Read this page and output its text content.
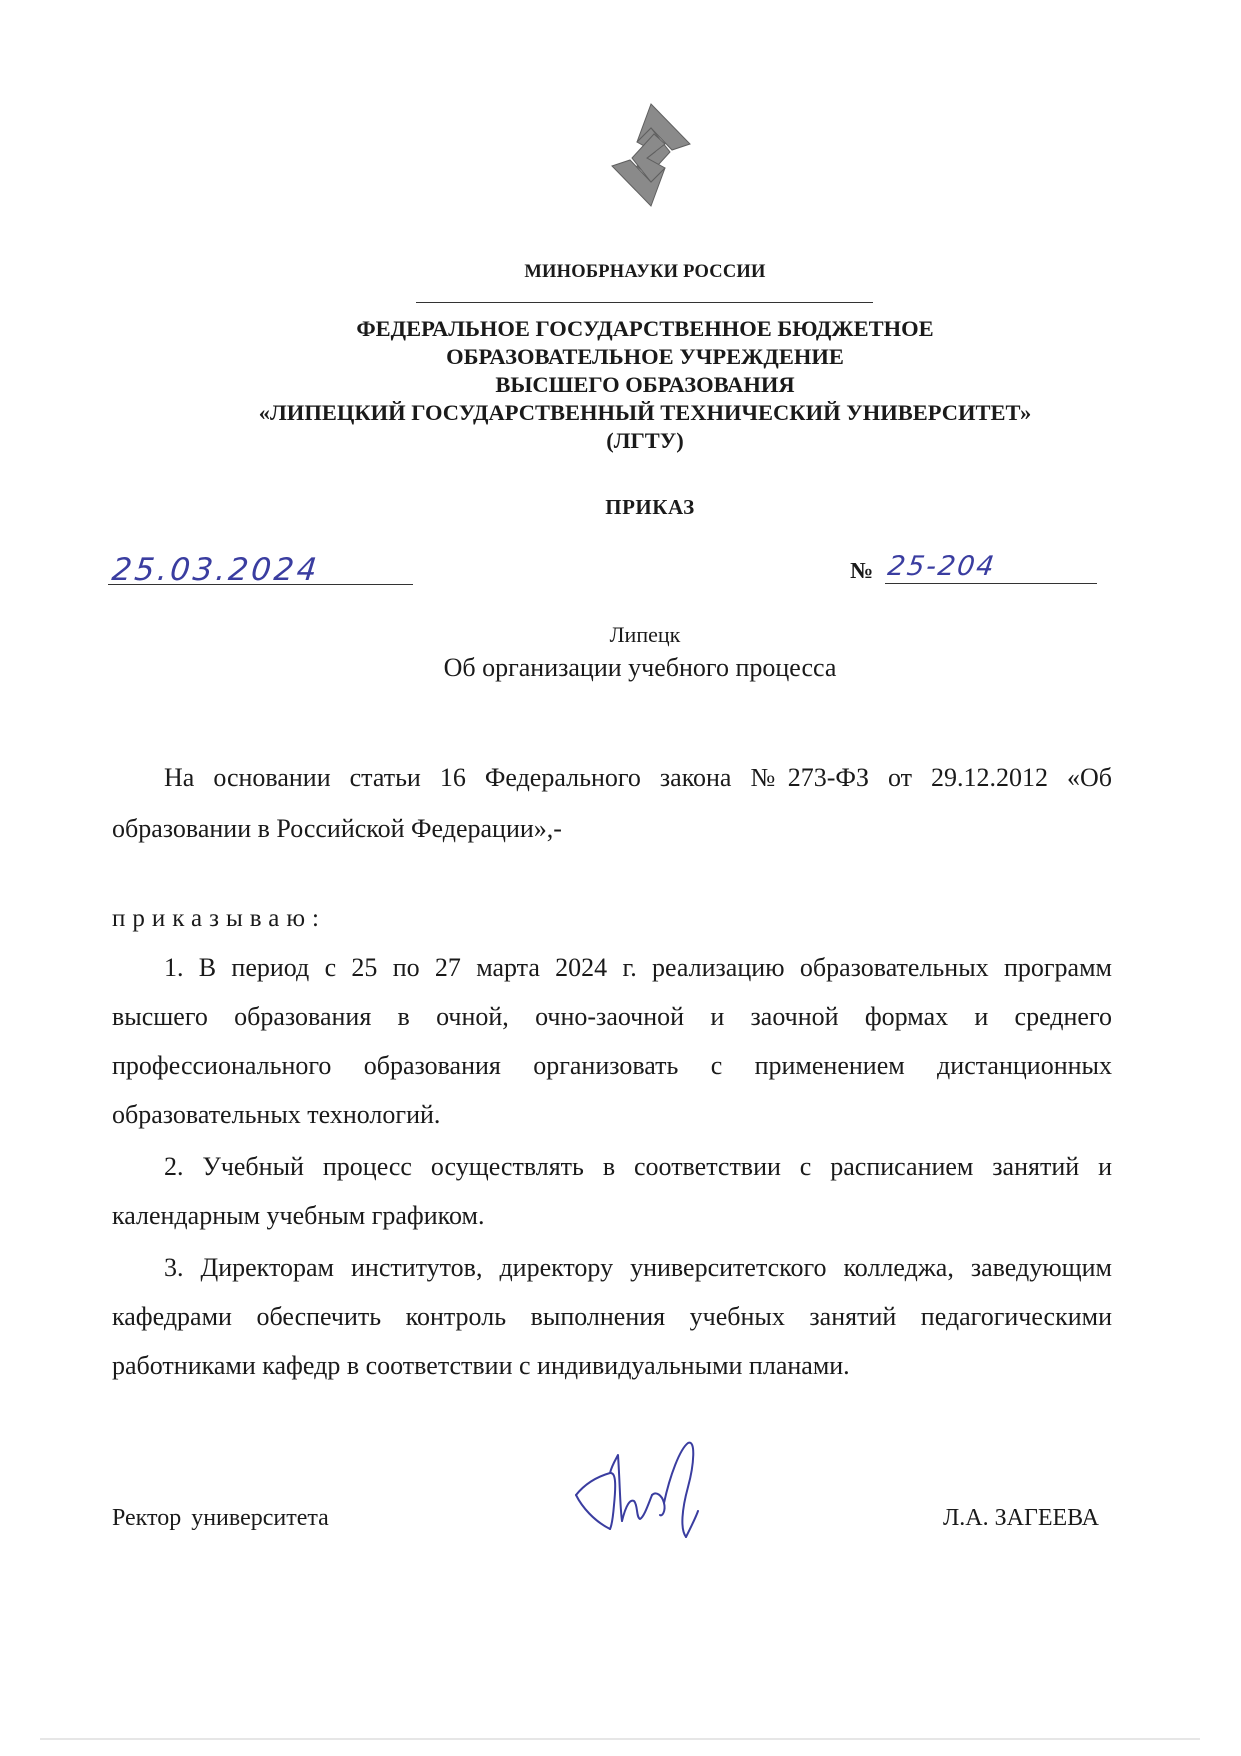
МИНОБРНАУКИ РОССИИ
ФЕДЕРАЛЬНОЕ ГОСУДАРСТВЕННОЕ БЮДЖЕТНОЕ
ОБРАЗОВАТЕЛЬНОЕ УЧРЕЖДЕНИЕ
ВЫСШЕГО ОБРАЗОВАНИЯ
«ЛИПЕЦКИЙ ГОСУДАРСТВЕННЫЙ ТЕХНИЧЕСКИЙ УНИВЕРСИТЕТ»
(ЛГТУ)
ПРИКАЗ
25.03.2024	№ 25-204
Липецк
Об организации учебного процесса
На основании статьи 16 Федерального закона №273-ФЗ от 29.12.2012 «Об
образовании в Российской Федерации»,-
приказываю:
1. В период с 25 по 27 марта 2024 г. реализацию образовательных программ
высшего образования в очной, очно-заочной и заочной формах и среднего
профессионального образования организовать с применением дистанционных
образовательных технологий.
2. Учебный процесс осуществлять в соответствии с расписанием занятий и
календарным учебным графиком.
3. Директорам институтов, директору университетского колледжа, заведующим
кафедрами обеспечить контроль выполнения учебных занятий педагогическими
работниками кафедр в соответствии с индивидуальными планами.
Ректор университета	Л.А. ЗАГЕЕВА
